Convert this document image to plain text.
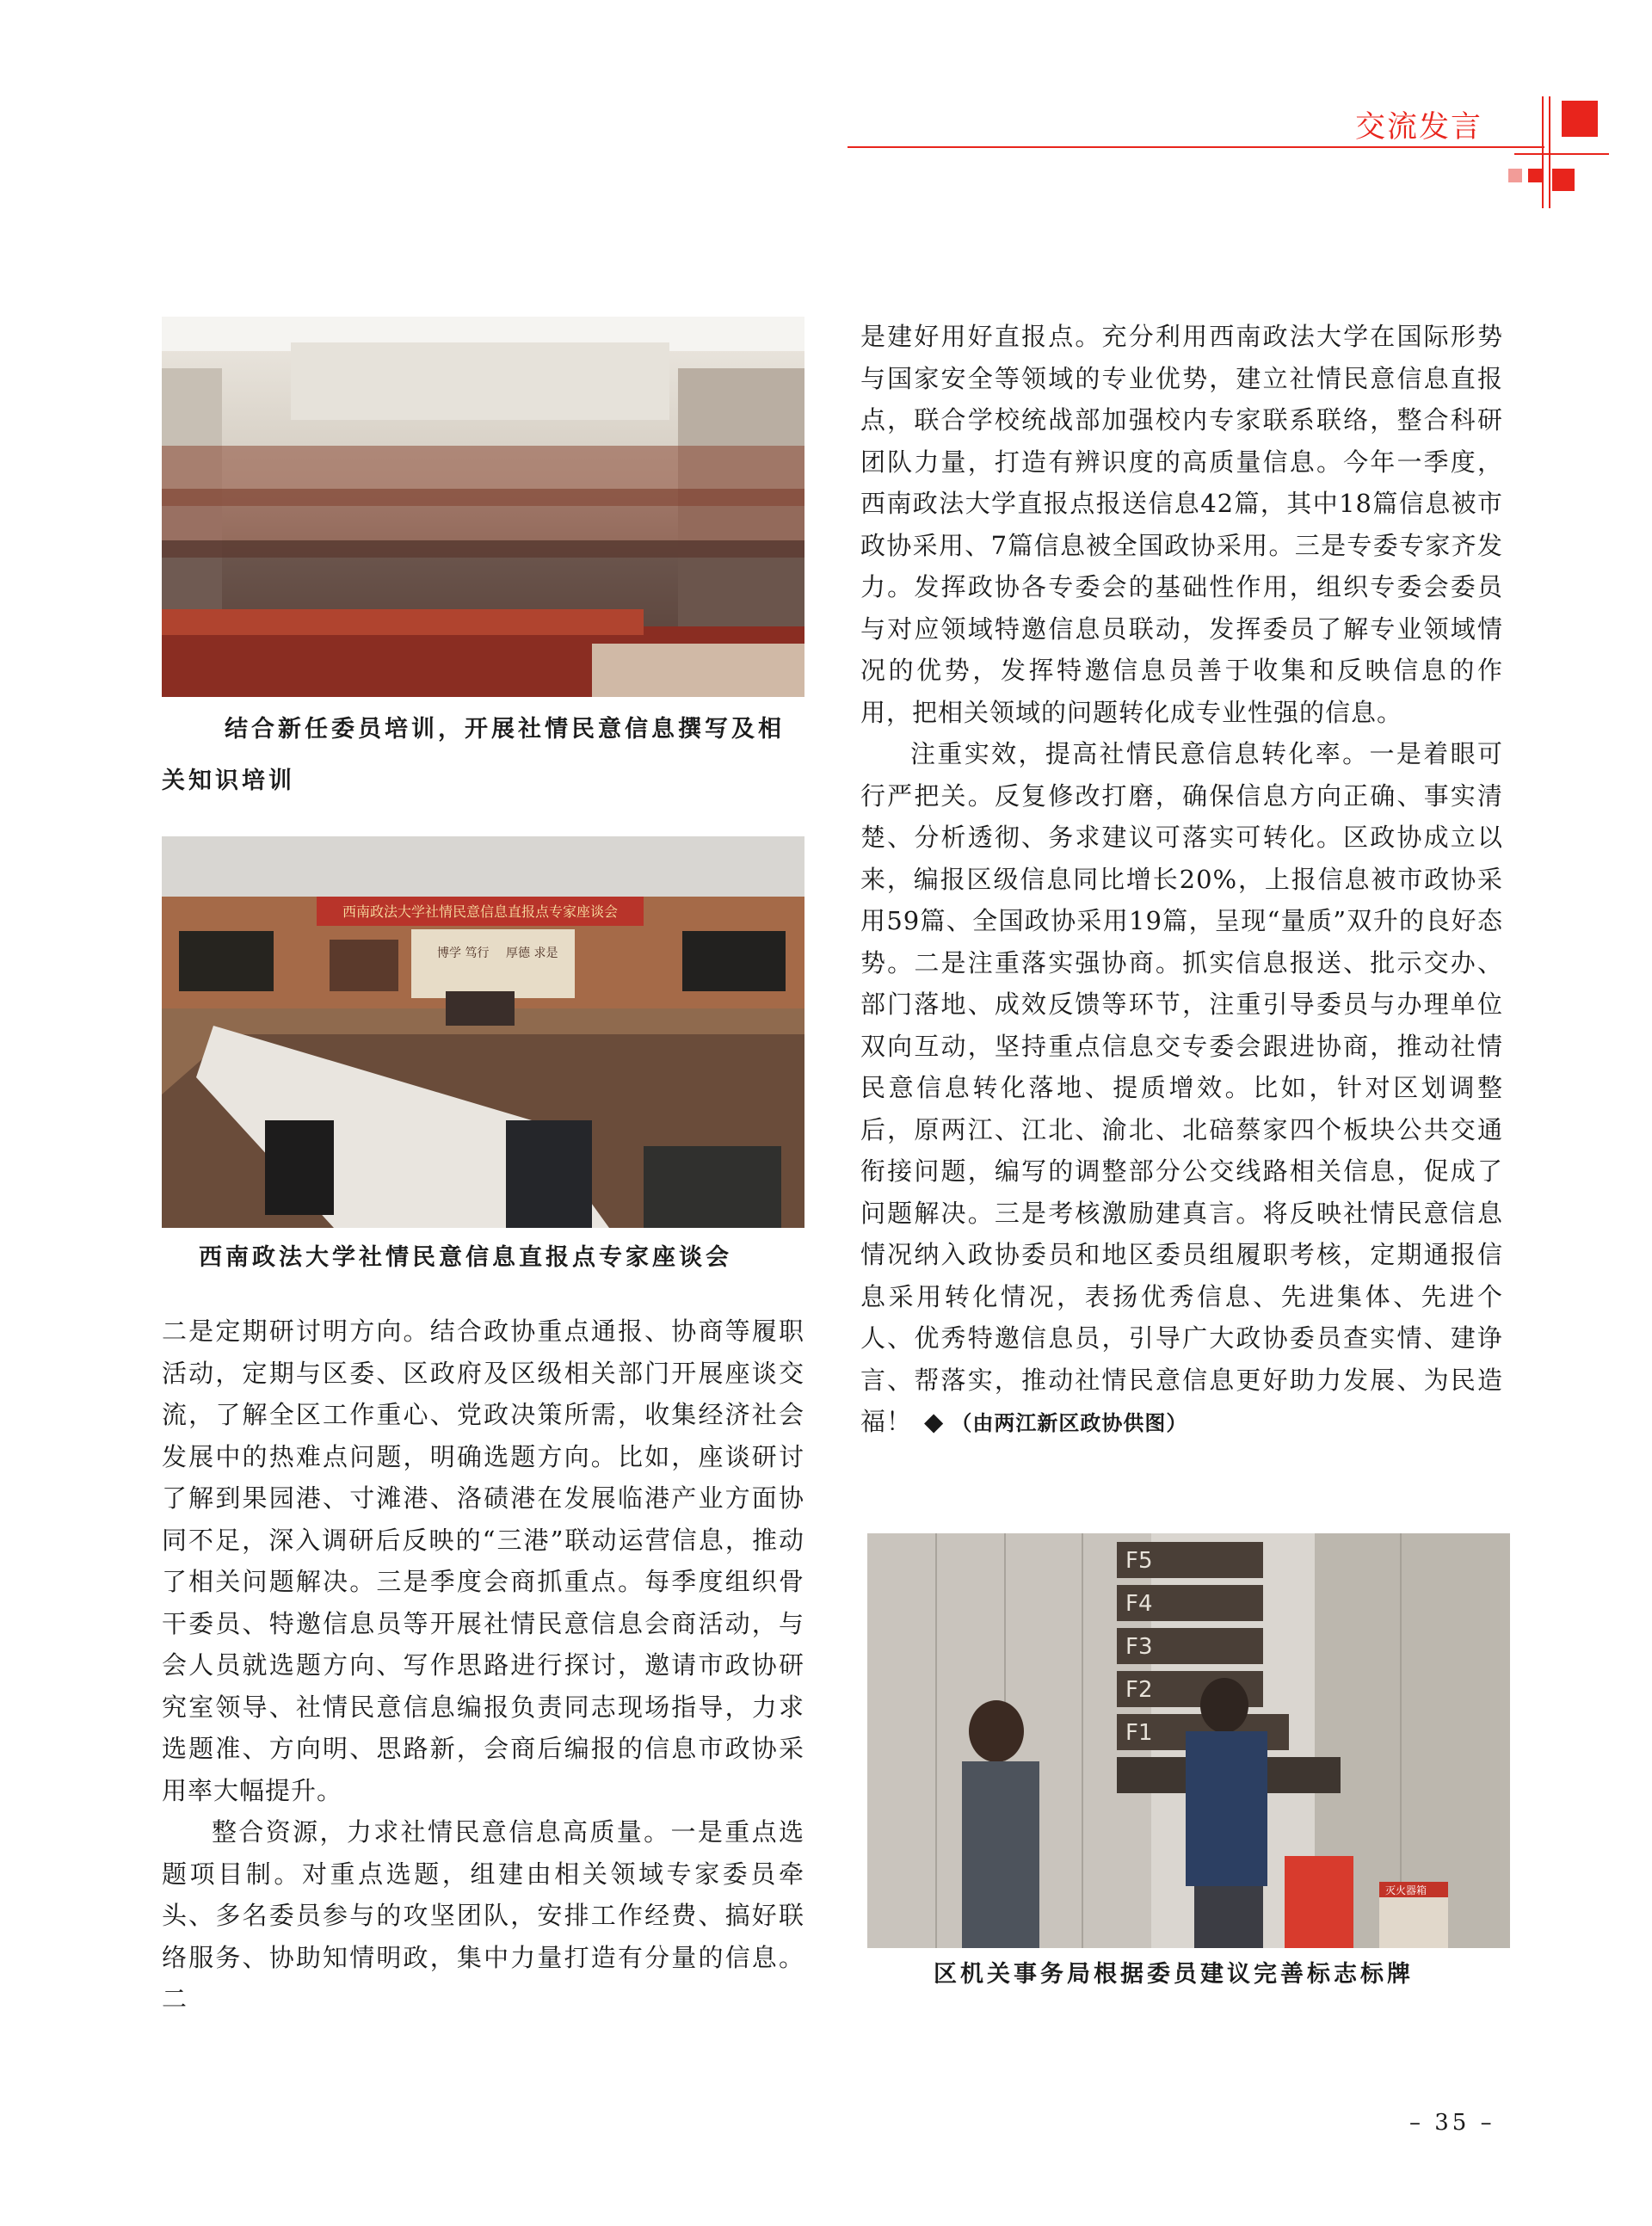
交流发言
结合新任委员培训，开展社情民意信息撰写及相关知识培训
西南政法大学社情民意信息直报点专家座谈会
博学 笃行 厚德 求是
西南政法大学社情民意信息直报点专家座谈会

二是定期研讨明方向。结合政协重点通报、协商等履职活动，定期与区委、区政府及区级相关部门开展座谈交流，了解全区工作重心、党政决策所需，收集经济社会发展中的热难点问题，明确选题方向。比如，座谈研讨了解到果园港、寸滩港、洛碛港在发展临港产业方面协同不足，深入调研后反映的“三港”联动运营信息，推动了相关问题解决。三是季度会商抓重点。每季度组织骨干委员、特邀信息员等开展社情民意信息会商活动，与会人员就选题方向、写作思路进行探讨，邀请市政协研究室领导、社情民意信息编报负责同志现场指导，力求选题准、方向明、思路新，会商后编报的信息市政协采用率大幅提升。

整合资源，力求社情民意信息高质量。一是重点选题项目制。对重点选题，组建由相关领域专家委员牵头、多名委员参与的攻坚团队，安排工作经费、搞好联络服务、协助知情明政，集中力量打造有分量的信息。二

是建好用好直报点。充分利用西南政法大学在国际形势与国家安全等领域的专业优势，建立社情民意信息直报点，联合学校统战部加强校内专家联系联络，整合科研团队力量，打造有辨识度的高质量信息。今年一季度，西南政法大学直报点报送信息42篇，其中18篇信息被市政协采用、7篇信息被全国政协采用。三是专委专家齐发力。发挥政协各专委会的基础性作用，组织专委会委员与对应领域特邀信息员联动，发挥委员了解专业领域情况的优势，发挥特邀信息员善于收集和反映信息的作用，把相关领域的问题转化成专业性强的信息。

注重实效，提高社情民意信息转化率。一是着眼可行严把关。反复修改打磨，确保信息方向正确、事实清楚、分析透彻、务求建议可落实可转化。区政协成立以来，编报区级信息同比增长20%，上报信息被市政协采用59篇、全国政协采用19篇，呈现“量质”双升的良好态势。二是注重落实强协商。抓实信息报送、批示交办、部门落地、成效反馈等环节，注重引导委员与办理单位双向互动，坚持重点信息交专委会跟进协商，推动社情民意信息转化落地、提质增效。比如，针对区划调整后，原两江、江北、渝北、北碚蔡家四个板块公共交通衔接问题，编写的调整部分公交线路相关信息，促成了问题解决。三是考核激励建真言。将反映社情民意信息情况纳入政协委员和地区委员组履职考核，定期通报信息采用转化情况，表扬优秀信息、先进集体、先进个人、优秀特邀信息员，引导广大政协委员查实情、建诤言、帮落实，推动社情民意信息更好助力发展、为民造福！ ◆ （由两江新区政协供图）

F5
F4
F3
F2
F1
灭火器箱
区机关事务局根据委员建议完善标志标牌
– 35 –
